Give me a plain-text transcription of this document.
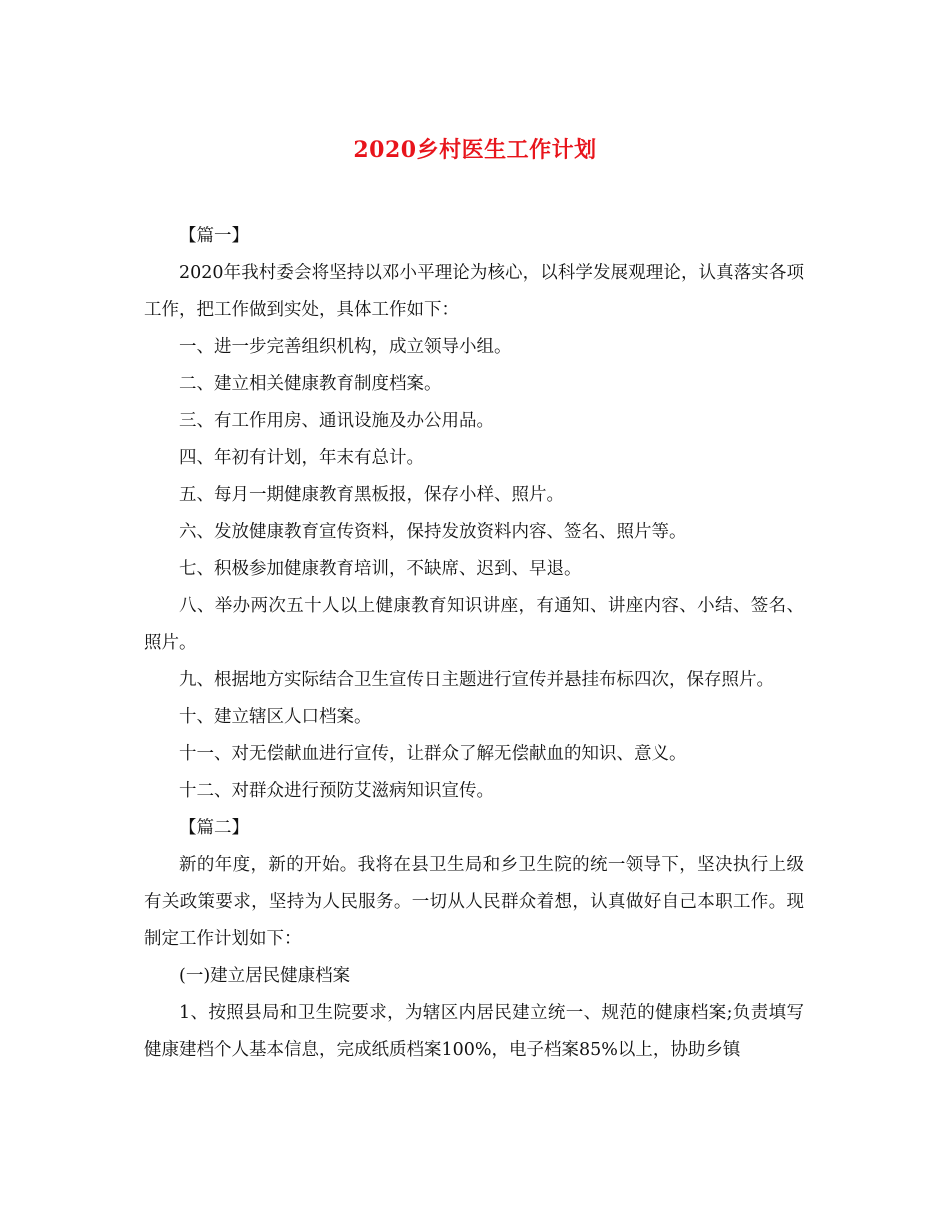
2020乡村医生工作计划

【篇一】

2020年我村委会将坚持以邓小平理论为核心，以科学发展观理论，认真落实各项工作，把工作做到实处，具体工作如下：

一、进一步完善组织机构，成立领导小组。

二、建立相关健康教育制度档案。

三、有工作用房、通讯设施及办公用品。

四、年初有计划，年末有总计。

五、每月一期健康教育黑板报，保存小样、照片。

六、发放健康教育宣传资料，保持发放资料内容、签名、照片等。

七、积极参加健康教育培训，不缺席、迟到、早退。

八、举办两次五十人以上健康教育知识讲座，有通知、讲座内容、小结、签名、照片。

九、根据地方实际结合卫生宣传日主题进行宣传并悬挂布标四次，保存照片。

十、建立辖区人口档案。

十一、对无偿献血进行宣传，让群众了解无偿献血的知识、意义。

十二、对群众进行预防艾滋病知识宣传。

【篇二】

新的年度，新的开始。我将在县卫生局和乡卫生院的统一领导下，坚决执行上级有关政策要求，坚持为人民服务。一切从人民群众着想，认真做好自己本职工作。现制定工作计划如下：

(一)建立居民健康档案

1、按照县局和卫生院要求，为辖区内居民建立统一、规范的健康档案;负责填写健康建档个人基本信息，完成纸质档案100%，电子档案85%以上，协助乡镇
